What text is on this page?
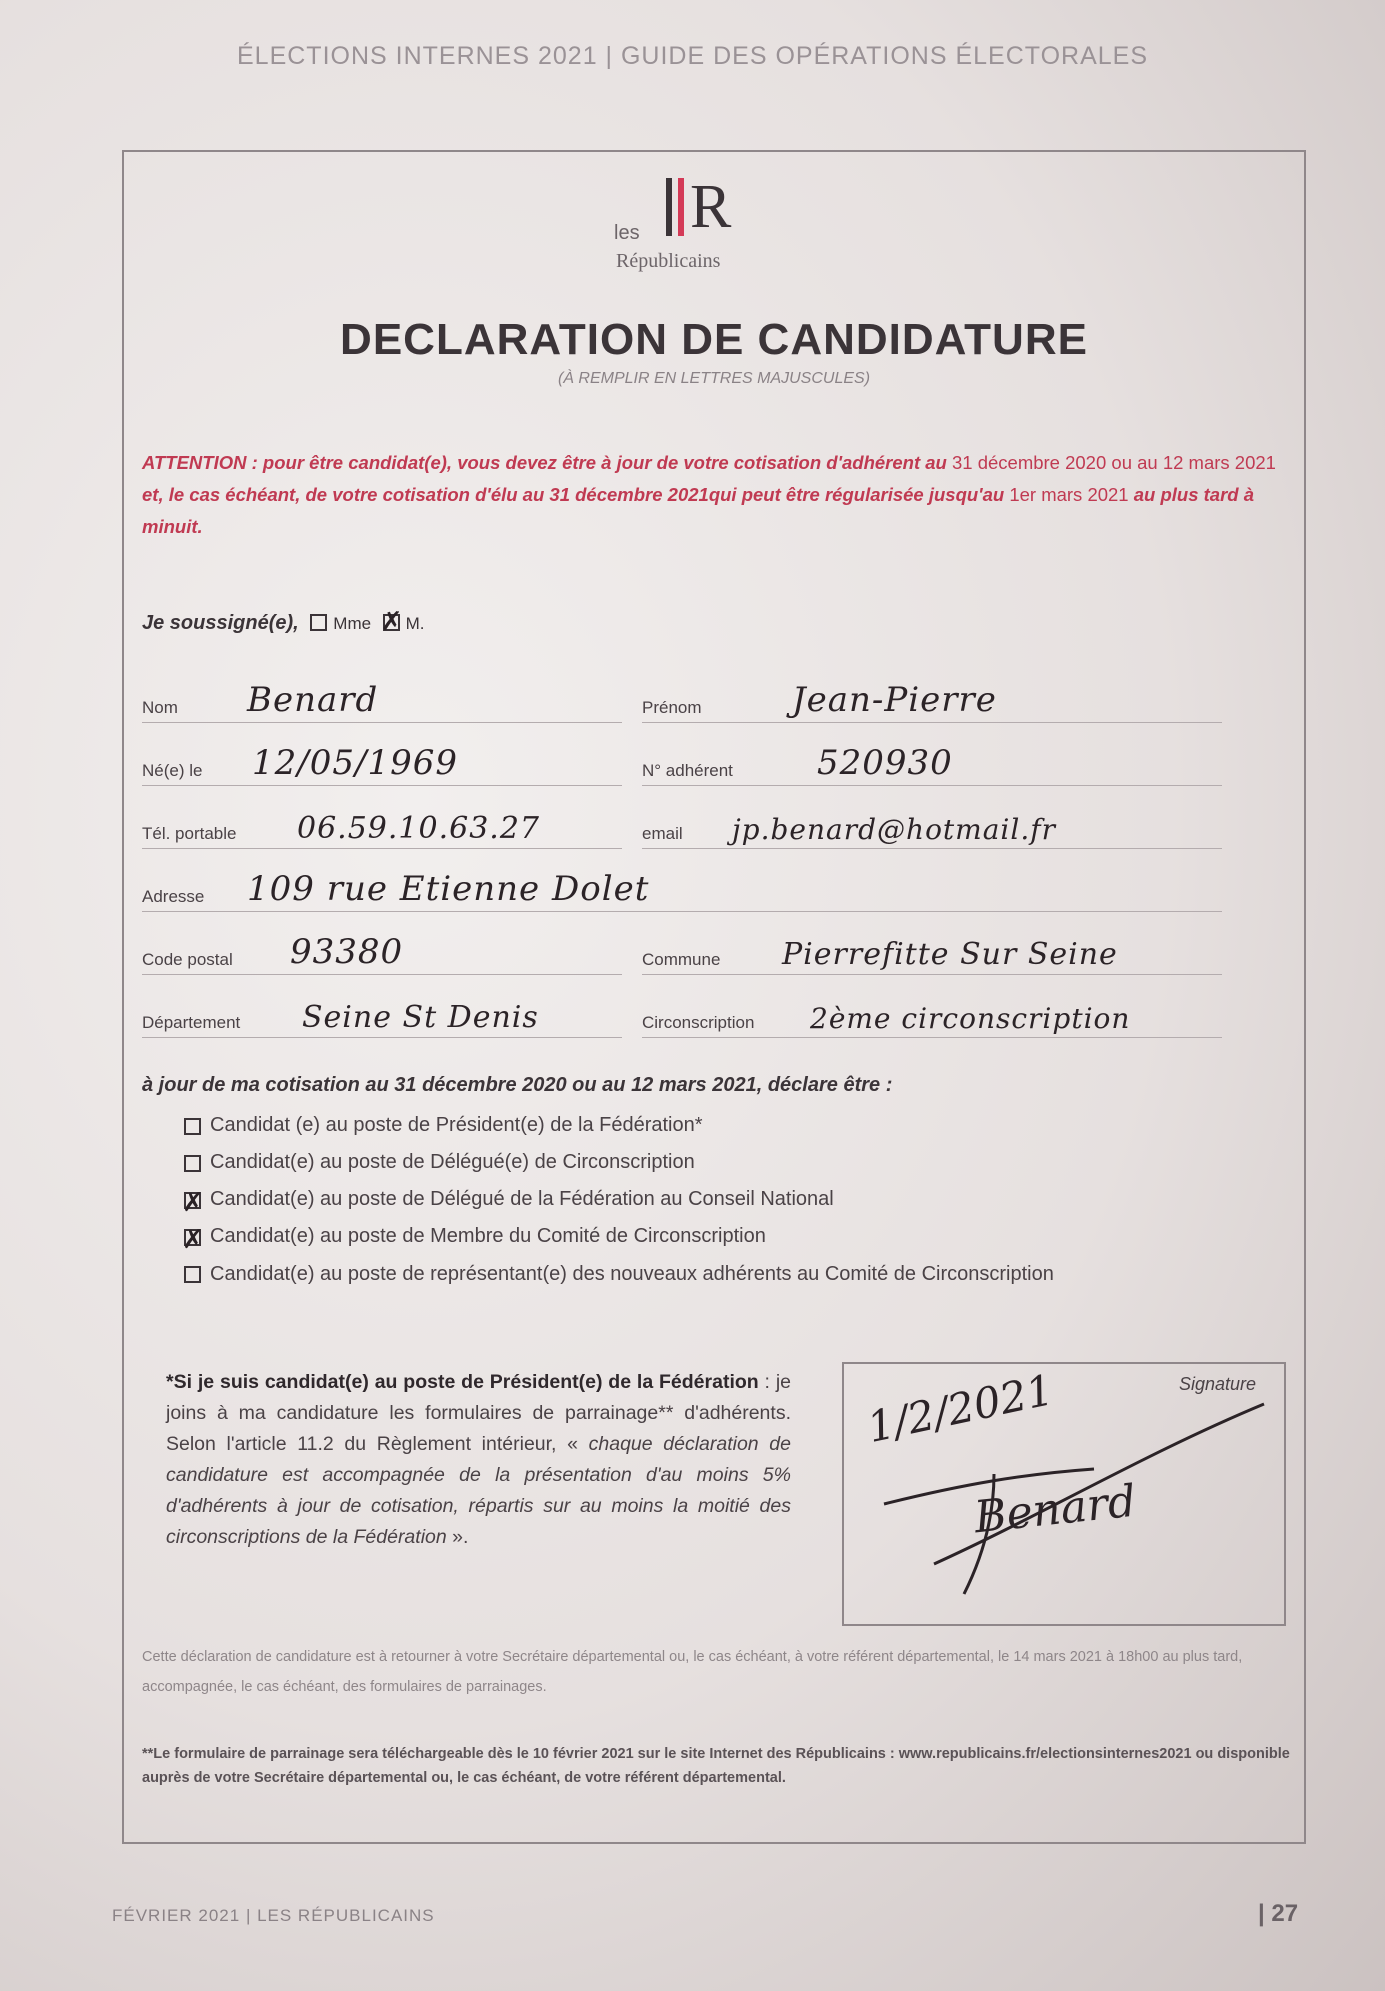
ÉLECTIONS INTERNES 2021 | GUIDE DES OPÉRATIONS ÉLECTORALES
les R
Républicains
DECLARATION DE CANDIDATURE
(À REMPLIR EN LETTRES MAJUSCULES)
ATTENTION : pour être candidat(e), vous devez être à jour de votre cotisation d'adhérent au 31 décembre 2020 ou au 12 mars 2021 et, le cas échéant, de votre cotisation d'élu au 31 décembre 2021qui peut être régularisée jusqu'au 1er mars 2021 au plus tard à minuit.
Je soussigné(e), Mme ✗ M.
Nom Benard	Prénom	Jean-Pierre
Né(e) le 12/05/1969	N° adhérent 520930
Tél. portable 06.59.10.63.27	email jp.benard@hotmail.fr
Adresse 109 rue Etienne Dolet
Code postal 93380	Commune Pierrefitte Sur Seine
Département Seine St Denis	Circonscription 2ème circonscription
à jour de ma cotisation au 31 décembre 2020 ou au 12 mars 2021, déclare être :
Candidat (e) au poste de Président(e) de la Fédération*
Candidat(e) au poste de Délégué(e) de Circonscription
✗
Candidat(e) au poste de Délégué de la Fédération au Conseil National
✗
Candidat(e) au poste de Membre du Comité de Circonscription
Candidat(e) au poste de représentant(e) des nouveaux adhérents au Comité de Circonscription
*Si je suis candidat(e) au poste de Président(e) de la Fédération : je joins à ma candidature les formulaires de parrainage** d'adhérents. Selon l'article 11.2 du Règlement intérieur, « chaque déclaration de candidature est accompagnée de la présentation d'au moins 5% d'adhérents à jour de cotisation, répartis sur au moins la moitié des circonscriptions de la Fédération ».
Signature
1/2/2021
Benard
Cette déclaration de candidature est à retourner à votre Secrétaire départemental ou, le cas échéant, à votre référent départemental, le 14 mars 2021 à 18h00 au plus tard, accompagnée, le cas échéant, des formulaires de parrainages.
**Le formulaire de parrainage sera téléchargeable dès le 10 février 2021 sur le site Internet des Républicains : www.republicains.fr/electionsinternes2021 ou disponible auprès de votre Secrétaire départemental ou, le cas échéant, de votre référent départemental.
FÉVRIER 2021 | LES RÉPUBLICAINS	| 27
